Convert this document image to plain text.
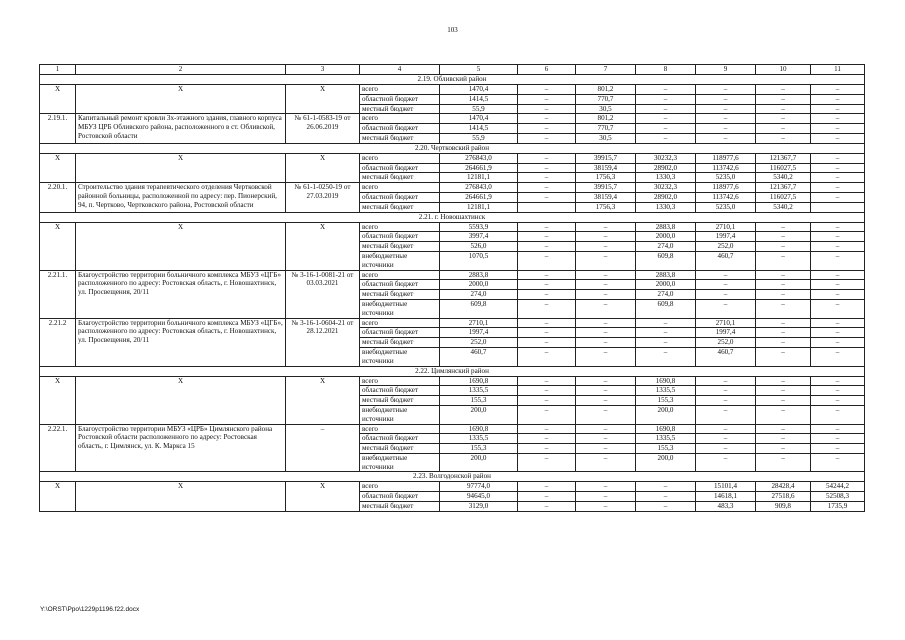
103
1	2	3	4	5	6	7	8	9	10	11
2.19. Обливский район										
Х	Х	Х	всего	1470,4	–	801,2	–	–	–	–
			областной бюджет	1414,5	–	770,7	–	–	–	–
			местный бюджет	55,9	–	30,5	–	–	–	–
2.19.1.	Капитальный ремонт кровли 3х-этажного здания, главного корпуса МБУЗ ЦРБ Обливского района, расположенного в ст. Обливской, Ростовской области	№ 61-1-0583-19 от 26.06.2019	всего	1470,4	–	801,2	–	–	–	–
			областной бюджет	1414,5	–	770,7	–	–	–	–
			местный бюджет	55,9	–	30,5	–	–	–	–
2.20. Чертковский район										
Х	Х	Х	всего	276843,0	–	39915,7	30232,3	118977,6	121367,7	–
			областной бюджет	264661,9	–	38159,4	28902,0	113742,6	116027,5	–
			местный бюджет	12181,1	–	1756,3	1330,3	5235,0	5340,2	–
2.20.1.	Строительство здания терапевтического отделения Чертковской районной больницы, расположенной по адресу: пер. Пионерский, 94, п. Чертково, Чертковского района, Ростовской области	№ 61-1-0250-19 от 27.03.2019	всего	276843,0	–	39915,7	30232,3	118977,6	121367,7	–
			областной бюджет	264661,9	–	38159,4	28902,0	113742,6	116027,5	–
			местный бюджет	12181,1		1756,3	1330,3	5235,0	5340,2	
2.21. г. Новошахтинск										
Х	Х	Х	всего	5593,9	–	–	2883,8	2710,1	–	–
			областной бюджет	3997,4	–	–	2000,0	1997,4	–	–
			местный бюджет	526,0	–	–	274,0	252,0	–	–
			внебюджетные источники	1070,5	–	–	609,8	460,7	–	–
2.21.1.	Благоустройство территории больничного комплекса МБУЗ «ЦГБ» расположенного по адресу: Ростовская область, г. Новошахтинск, ул. Просвещения, 20/11	№ 3-16-1-0081-21 от 03.03.2021	всего	2883,8	–	–	2883,8	–	–	–
			областной бюджет	2000,0	–	–	2000,0	–	–	–
			местный бюджет	274,0	–	–	274,0	–	–	–
			внебюджетные источники	609,8	–	–	609,8	–	–	–
2.21.2	Благоустройство территории больничного комплекса МБУЗ «ЦГБ», расположенного по адресу: Ростовская область, г. Новошахтинск, ул. Просвещения, 20/11	№ 3-16-1-0604-21 от 28.12.2021	всего	2710,1	–	–	–	2710,1	–	–
			областной бюджет	1997,4	–	–	–	1997,4	–	–
			местный бюджет	252,0	–	–	–	252,0	–	–
			внебюджетные источники	460,7	–	–	–	460,7	–	–
2.22. Цимлянский район										
Х	Х	Х	всего	1690,8	–	–	1690,8	–	–	–
			областной бюджет	1335,5	–	–	1335,5	–	–	–
			местный бюджет	155,3	–	–	155,3	–	–	–
			внебюджетные источники	200,0	–	–	200,0	–	–	–
2.22.1.	Благоустройство территории МБУЗ «ЦРБ» Цимлянского района Ростовской области расположенного по адресу: Ростовская область, г. Цимлянск, ул. К. Маркса 15	–	всего	1690,8	–	–	1690,8	–	–	–
			областной бюджет	1335,5	–	–	1335,5	–	–	–
			местный бюджет	155,3	–	–	155,3	–	–	–
			внебюджетные источники	200,0	–	–	200,0	–	–	–
2.23. Волгодонской район										
Х	Х	Х	всего	97774,0	–	–	–	15101,4	28428,4	54244,2
			областной бюджет	94645,0	–	–	–	14618,1	27518,6	52508,3
			местный бюджет	3129,0	–	–	–	483,3	909,8	1735,9
Y:\ORST\Ppo\1229p1196.f22.docx
